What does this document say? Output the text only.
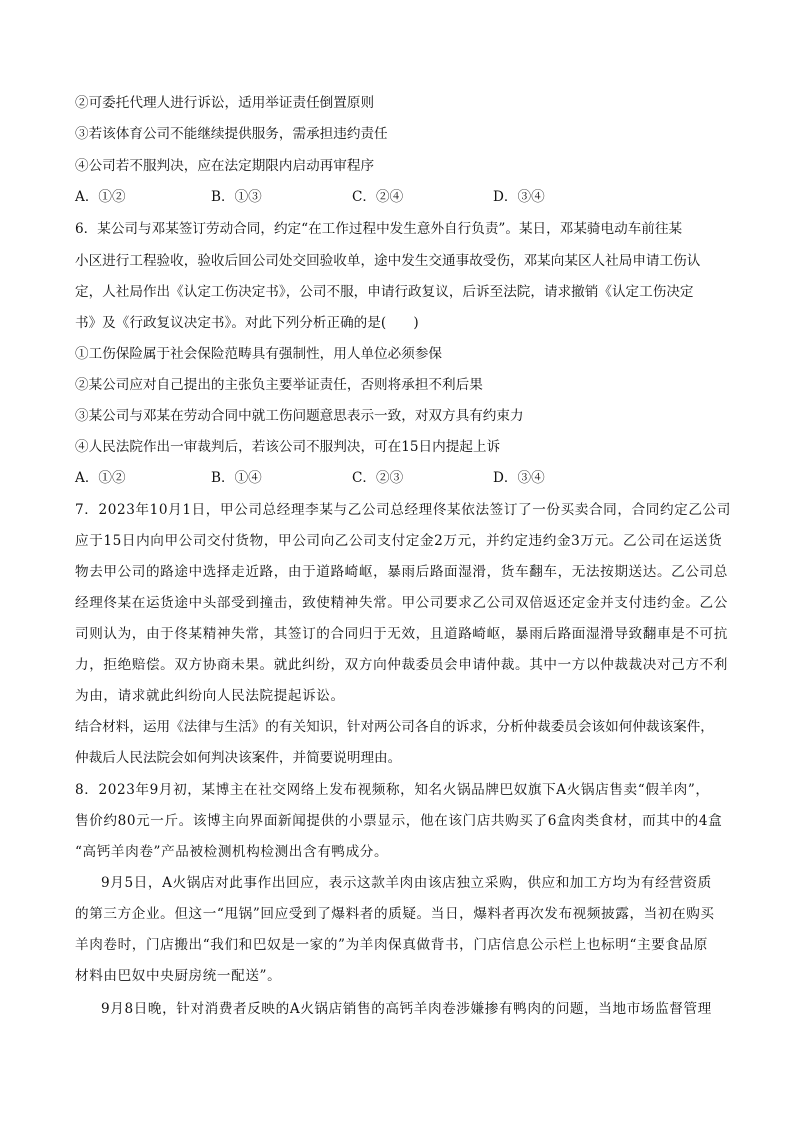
②可委托代理人进行诉讼，适用举证责任倒置原则
③若该体育公司不能继续提供服务，需承担违约责任
④公司若不服判决，应在法定期限内启动再审程序
A．①②	B．①③	C．②④	D．③④
6．某公司与邓某签订劳动合同，约定“在工作过程中发生意外自行负责”。某日，邓某骑电动车前往某
小区进行工程验收，验收后回公司处交回验收单，途中发生交通事故受伤，邓某向某区人社局申请工伤认
定，人社局作出《认定工伤决定书》，公司不服，申请行政复议，后诉至法院，请求撤销《认定工伤决定
书》及《行政复议决定书》。对此下列分析正确的是(　　)
①工伤保险属于社会保险范畴具有强制性，用人单位必须参保
②某公司应对自己提出的主张负主要举证责任，否则将承担不利后果
③某公司与邓某在劳动合同中就工伤问题意思表示一致，对双方具有约束力
④人民法院作出一审裁判后，若该公司不服判决，可在15日内提起上诉
A．①②	B．①④	C．②③	D．③④
7．2023年10月1日，甲公司总经理李某与乙公司总经理佟某依法签订了一份买卖合同，合同约定乙公司
应于15日内向甲公司交付货物，甲公司向乙公司支付定金2万元，并约定违约金3万元。乙公司在运送货
物去甲公司的路途中选择走近路，由于道路崎岖，暴雨后路面湿滑，货车翻车，无法按期送达。乙公司总
经理佟某在运货途中头部受到撞击，致使精神失常。甲公司要求乙公司双倍返还定金并支付违约金。乙公
司则认为，由于佟某精神失常，其签订的合同归于无效，且道路崎岖，暴雨后路面湿滑导致翻車是不可抗
力，拒绝赔偿。双方协商未果。就此纠纷，双方向仲裁委员会申请仲裁。其中一方以仲裁裁决对己方不利
为由，请求就此纠纷向人民法院提起诉讼。
结合材料，运用《法律与生活》的有关知识，针对两公司各自的诉求，分析仲裁委员会该如何仲裁该案件，
仲裁后人民法院会如何判决该案件，并简要说明理由。
8．2023年9月初，某博主在社交网络上发布视频称，知名火锅品牌巴奴旗下A火锅店售卖“假羊肉”，
售价约80元一斤。该博主向界面新闻提供的小票显示，他在该门店共购买了6盒肉类食材，而其中的4盒
“高钙羊肉卷”产品被检测机构检测出含有鸭成分。
9月5日，A火锅店对此事作出回应，表示这款羊肉由该店独立采购，供应和加工方均为有经营资质
的第三方企业。但这一“甩锅”回应受到了爆料者的质疑。当日，爆料者再次发布视频披露，当初在购买
羊肉卷时，门店搬出“我们和巴奴是一家的”为羊肉保真做背书，门店信息公示栏上也标明“主要食品原
材料由巴奴中央厨房统一配送”。
9月8日晚，针对消费者反映的A火锅店销售的高钙羊肉卷涉嫌掺有鸭肉的问题，当地市场监督管理
